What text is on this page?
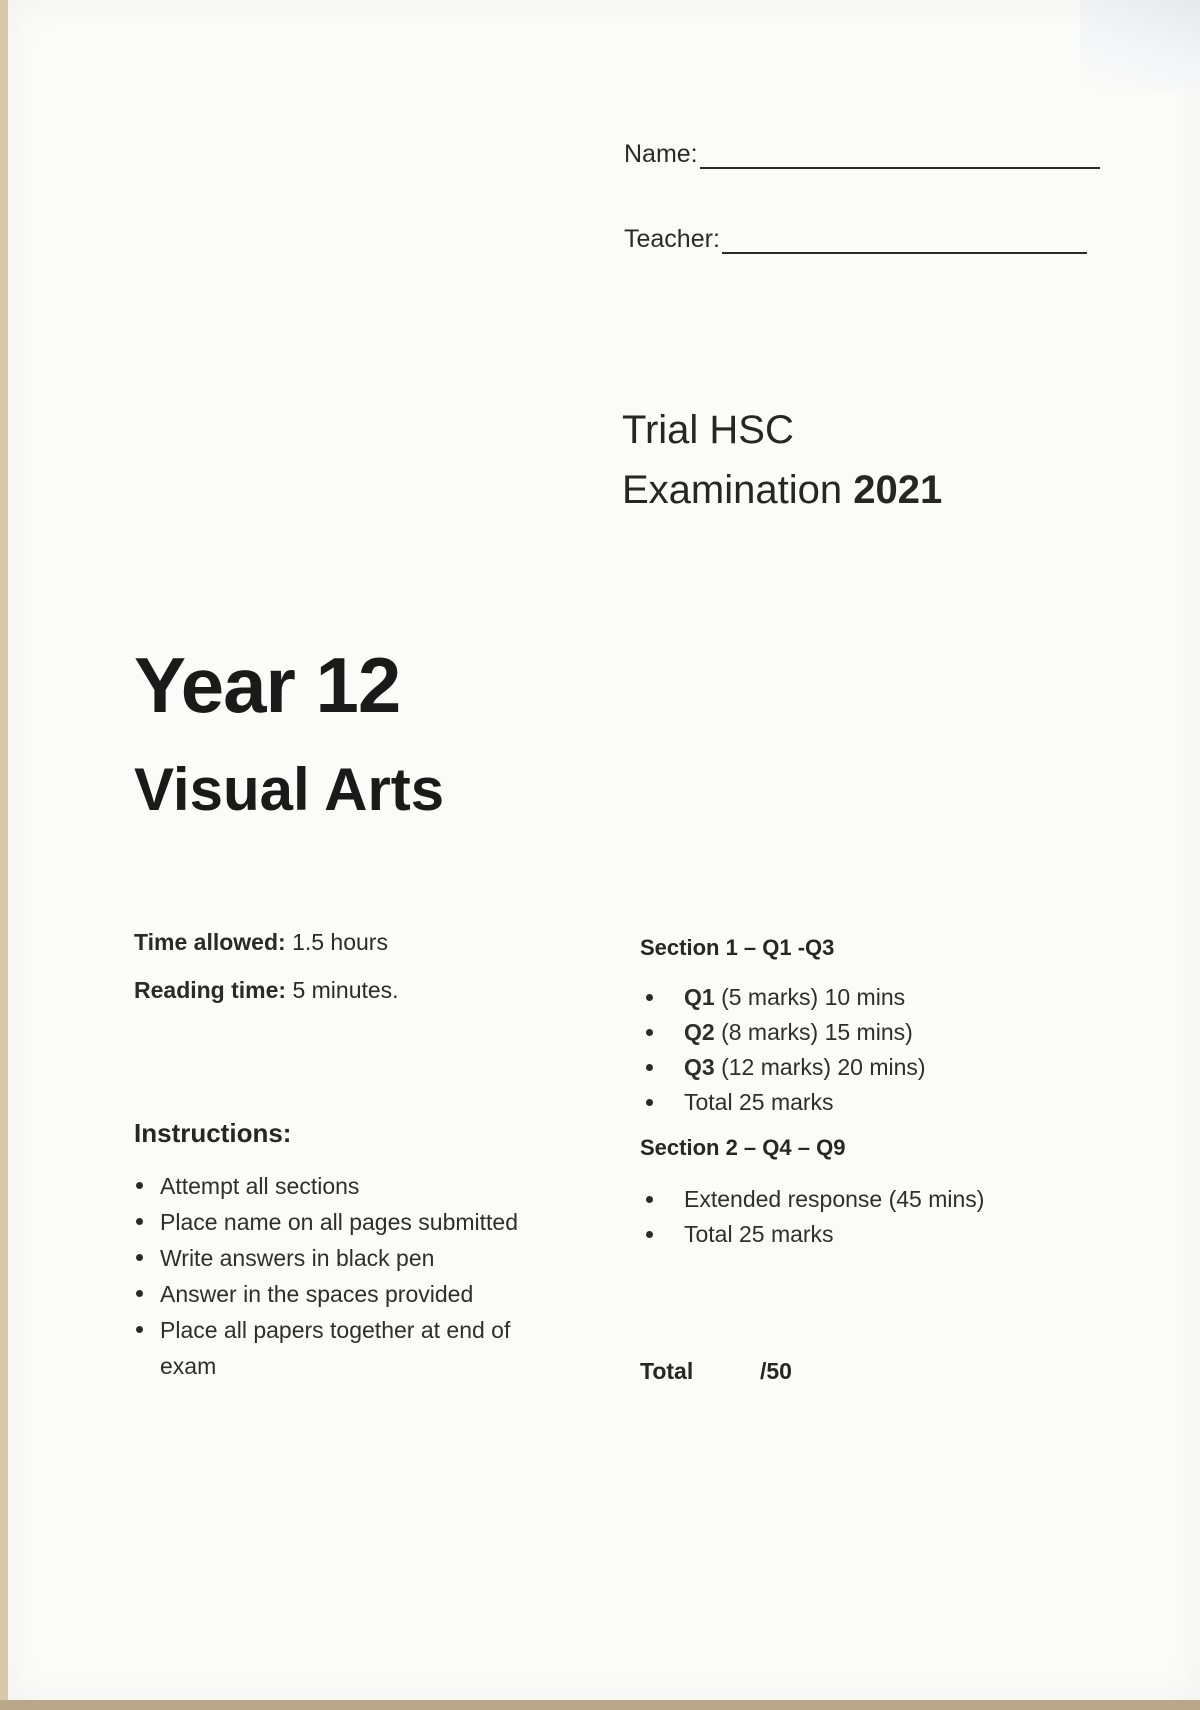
Name:
Teacher:
Trial HSC
Examination 2021
Year 12
Visual Arts
Time allowed: 1.5 hours
Reading time: 5 minutes.
Instructions:
Attempt all sections
Place name on all pages submitted
Write answers in black pen
Answer in the spaces provided
Place all papers together at end of exam
Section 1 – Q1 -Q3
Q1 (5 marks) 10 mins
Q2 (8 marks) 15 mins)
Q3 (12 marks) 20 mins)
Total 25 marks
Section 2 – Q4 – Q9
Extended response (45 mins)
Total 25 marks
Total	/50
